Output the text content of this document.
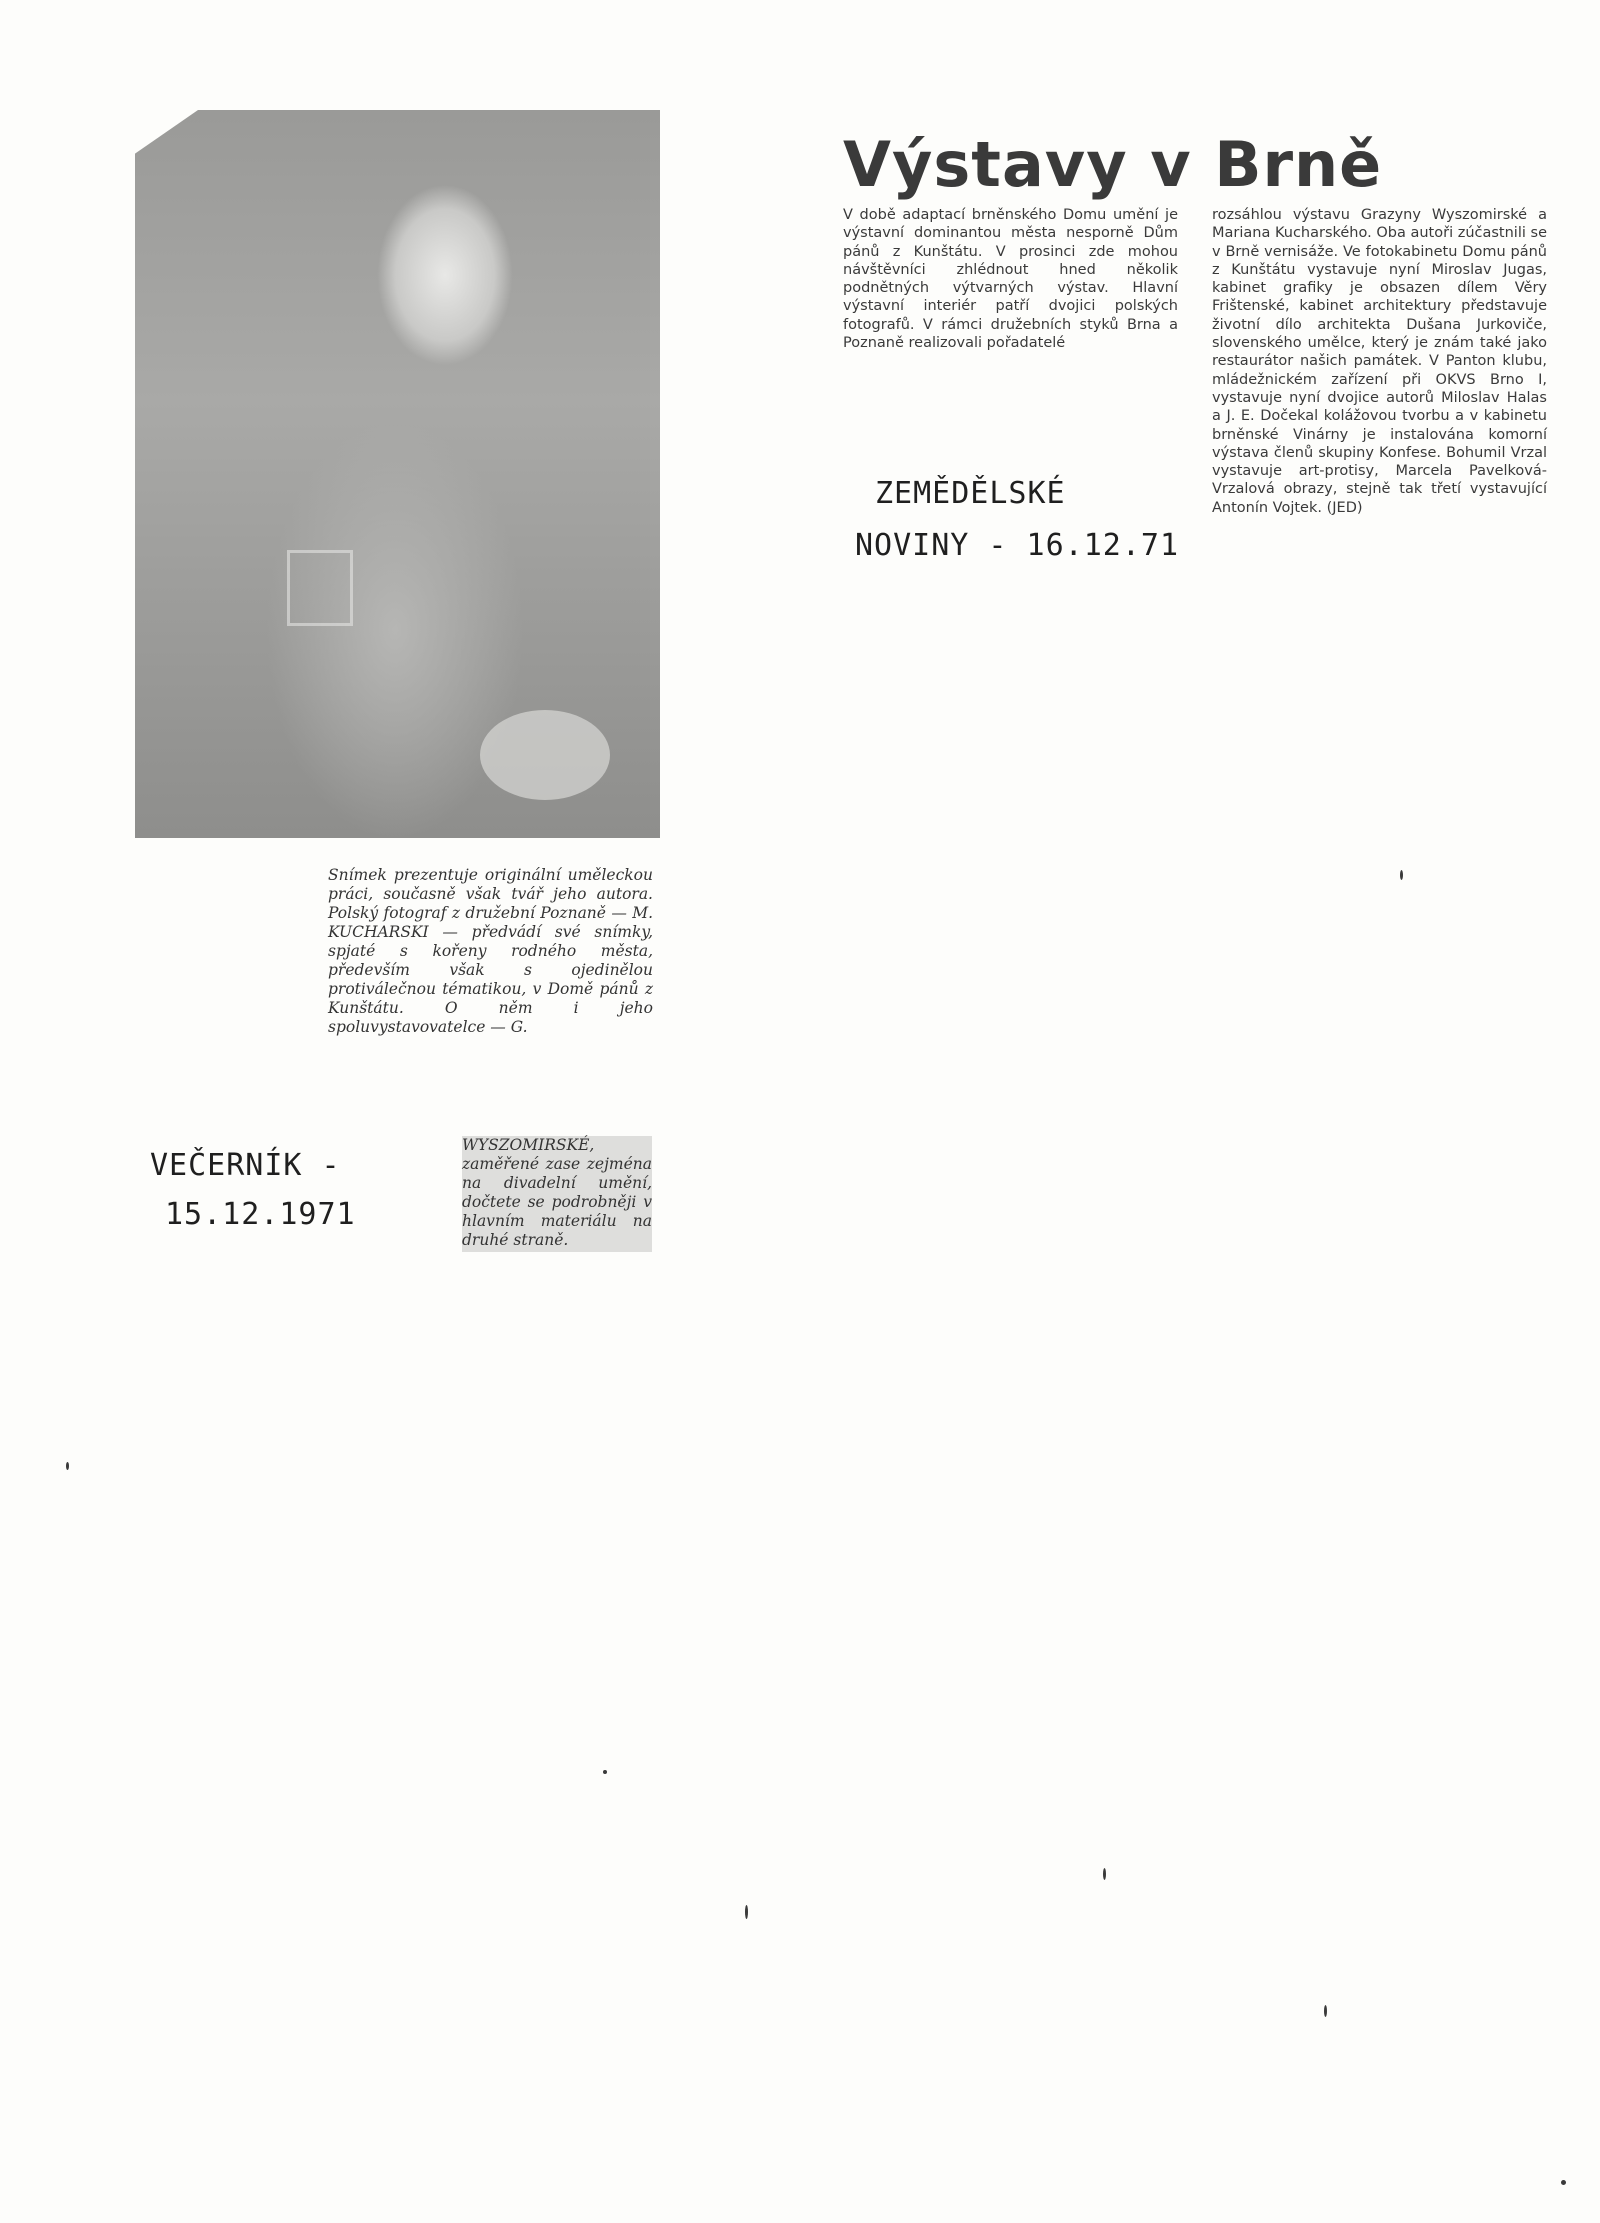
Snímek prezentuje originální uměleckou práci, současně však tvář jeho autora. Polský fotograf z družební Poznaně — M. KUCHARSKI — předvádí své snímky, spjaté s kořeny rodného města, především však s ojedinělou protiválečnou tématikou, v Domě pánů z Kunštátu. O něm i jeho spoluvystavovatelce — G.

WYSZOMIRSKÉ, zaměřené zase zejména na divadelní umění, dočtete se podrobněji v hlavním materiálu na druhé straně.
VEČERNÍK -
15.12.1971
Výstavy v Brně
V době adaptací brněnského Domu umění je výstavní dominantou města nesporně Dům pánů z Kunštátu. V prosinci zde mohou návštěvníci zhlédnout hned několik podnětných výtvarných výstav. Hlavní výstavní interiér patří dvojici polských fotografů. V rámci družebních styků Brna a Poznaně realizovali pořadatelé
rozsáhlou výstavu Grazyny Wyszomirské a Mariana Kucharského. Oba autoři zúčastnili se v Brně vernisáže. Ve fotokabinetu Domu pánů z Kunštátu vystavuje nyní Miroslav Jugas, kabinet grafiky je obsazen dílem Věry Frištenské, kabinet architektury představuje životní dílo architekta Dušana Jurkoviče, slovenského umělce, který je znám také jako restaurátor našich památek. V Panton klubu, mládežnickém zařízení při OKVS Brno I, vystavuje nyní dvojice autorů Miloslav Halas a J. E. Dočekal kolážovou tvorbu a v kabinetu brněnské Vinárny je instalována komorní výstava členů skupiny Konfese. Bohumil Vrzal vystavuje art-protisy, Marcela Pavelková-Vrzalová obrazy, stejně tak třetí vystavující Antonín Vojtek. (JED)
ZEMĚDĚLSKÉ
NOVINY - 16.12.71
